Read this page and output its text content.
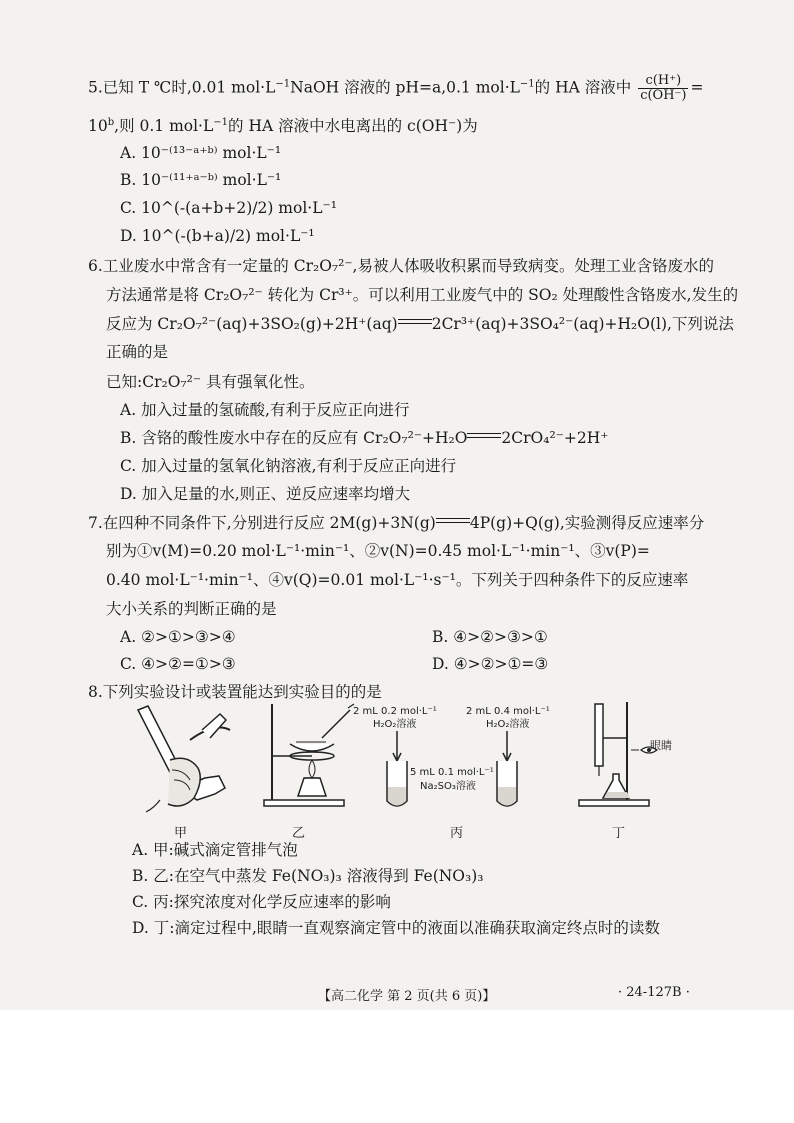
5.已知 T ℃时,0.01 $mol\cdot L^{-1}NaOH$ 溶液的 pH=a,0.1 $mol\cdot L^{-1}$的 HA 溶液中 $\frac{c(H^+)}{c(OH^-)}$ =
$10^b$,则 0.1 $mol\cdot L^{-1}$的 HA 溶液中水电离出的 c(OH⁻)为
A. 10⁻⁽¹³⁻ᵃ⁺ᵇ⁾ mol·L⁻¹
B. 10⁻⁽¹¹⁺ᵃ⁻ᵇ⁾ mol·L⁻¹
C. 10^(-(a+b+2)/2) mol·L⁻¹
D. 10^(-(b+a)/2) mol·L⁻¹
6.工业废水中常含有一定量的 Cr₂O₇²⁻,易被人体吸收积累而导致病变。处理工业含铬废水的
方法通常是将 Cr₂O₇²⁻ 转化为 Cr³⁺。可以利用工业废气中的 SO₂ 处理酸性含铬废水,发生的
反应为 Cr₂O₇²⁻(aq)+3SO₂(g)+2H⁺(aq) 2Cr³⁺(aq)+3SO₄²⁻(aq)+H₂O(l),下列说法
正确的是
已知:Cr₂O₇²⁻ 具有强氧化性。
A. 加入过量的氢硫酸,有利于反应正向进行
B. 含铬的酸性废水中存在的反应有 Cr₂O₇²⁻+H₂O 2CrO₄²⁻+2H⁺
C. 加入过量的氢氧化钠溶液,有利于反应正向进行
D. 加入足量的水,则正、逆反应速率均增大
7.在四种不同条件下,分别进行反应 2M(g)+3N(g) 4P(g)+Q(g),实验测得反应速率分
别为①v(M)=0.20 mol·L⁻¹·min⁻¹、②v(N)=0.45 mol·L⁻¹·min⁻¹、③v(P)=
0.40 mol·L⁻¹·min⁻¹、④v(Q)=0.01 mol·L⁻¹·s⁻¹。下列关于四种条件下的反应速率
大小关系的判断正确的是
A. ②>①>③>④	B. ④>②>③>①
C. ④>②=①>③	D. ④>②>①=③
8.下列实验设计或装置能达到实验目的的是
2 mL 0.2 mol·L⁻¹
H₂O₂溶液
2 mL 0.4 mol·L⁻¹
H₂O₂溶液
5 mL 0.1 mol·L⁻¹
Na₂SO₃溶液
眼睛
甲	乙	丙	丁
A. 甲:碱式滴定管排气泡
B. 乙:在空气中蒸发 Fe(NO₃)₃ 溶液得到 Fe(NO₃)₃
C. 丙:探究浓度对化学反应速率的影响
D. 丁:滴定过程中,眼睛一直观察滴定管中的液面以准确获取滴定终点时的读数
【高二化学 第 2 页(共 6 页)】	· 24-127B ·
